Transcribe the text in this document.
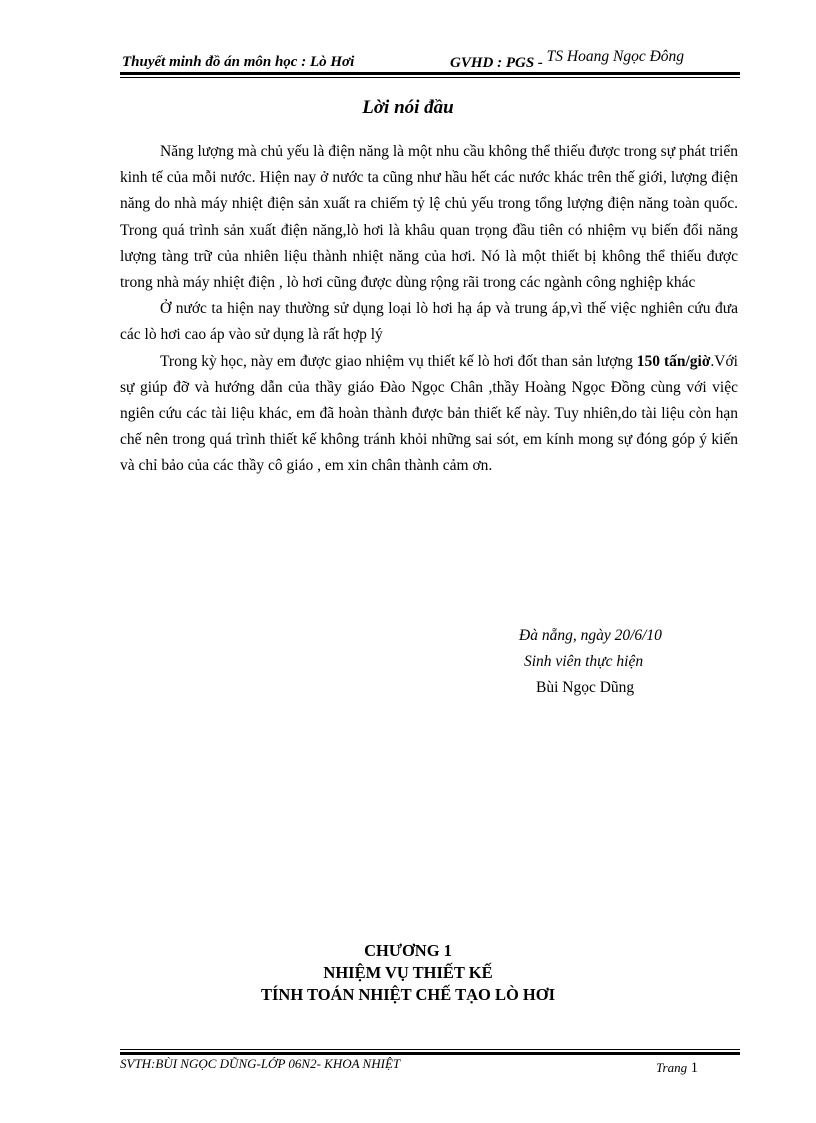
Thuyết minh đồ án môn học : Lò Hơi	GVHD : PGS - TS Hoang Ngọc Đông
Lời nói đầu

Năng lượng mà chủ yếu là điện năng là một nhu cầu không thể thiếu được trong sự phát triển kinh tế của mỗi nước. Hiện nay ở nước ta cũng như hầu hết các nước khác trên thế giới, lượng điện năng do nhà máy nhiệt điện sản xuất ra chiếm tỷ lệ chủ yếu trong tổng lượng điện năng toàn quốc. Trong quá trình sản xuất điện năng,lò hơi là khâu quan trọng đầu tiên có nhiệm vụ biến đổi năng lượng tàng trữ của nhiên liệu thành nhiệt năng của hơi. Nó là một thiết bị không thể thiếu được trong nhà máy nhiệt điện , lò hơi cũng được dùng rộng rãi trong các ngành công nghiệp khác

Ở nước ta hiện nay thường sử dụng loại lò hơi hạ áp và trung áp,vì thế việc nghiên cứu đưa các lò hơi cao áp vào sử dụng là rất hợp lý

Trong kỳ học, này em được giao nhiệm vụ thiết kế lò hơi đốt than sản lượng 150 tấn/giờ.Với sự giúp đỡ và hướng dẫn của thầy giáo Đào Ngọc Chân ,thầy Hoàng Ngọc Đồng cùng với việc ngiên cứu các tài liệu khác, em đã hoàn thành được bản thiết kế này. Tuy nhiên,do tài liệu còn hạn chế nên trong quá trình thiết kế không tránh khỏi những sai sót, em kính mong sự đóng góp ý kiến và chỉ bảo của các thầy cô giáo , em xin chân thành cảm ơn.

Đà nẵng, ngày 20/6/10
Sinh viên thực hiện
Bùi Ngọc Dũng
CHƯƠNG 1
NHIỆM VỤ THIẾT KẾ
TÍNH TOÁN NHIỆT CHẾ TẠO LÒ HƠI
SVTH:BÙI NGỌC DŨNG-LỚP 06N2- KHOA NHIỆT	Trang 1
